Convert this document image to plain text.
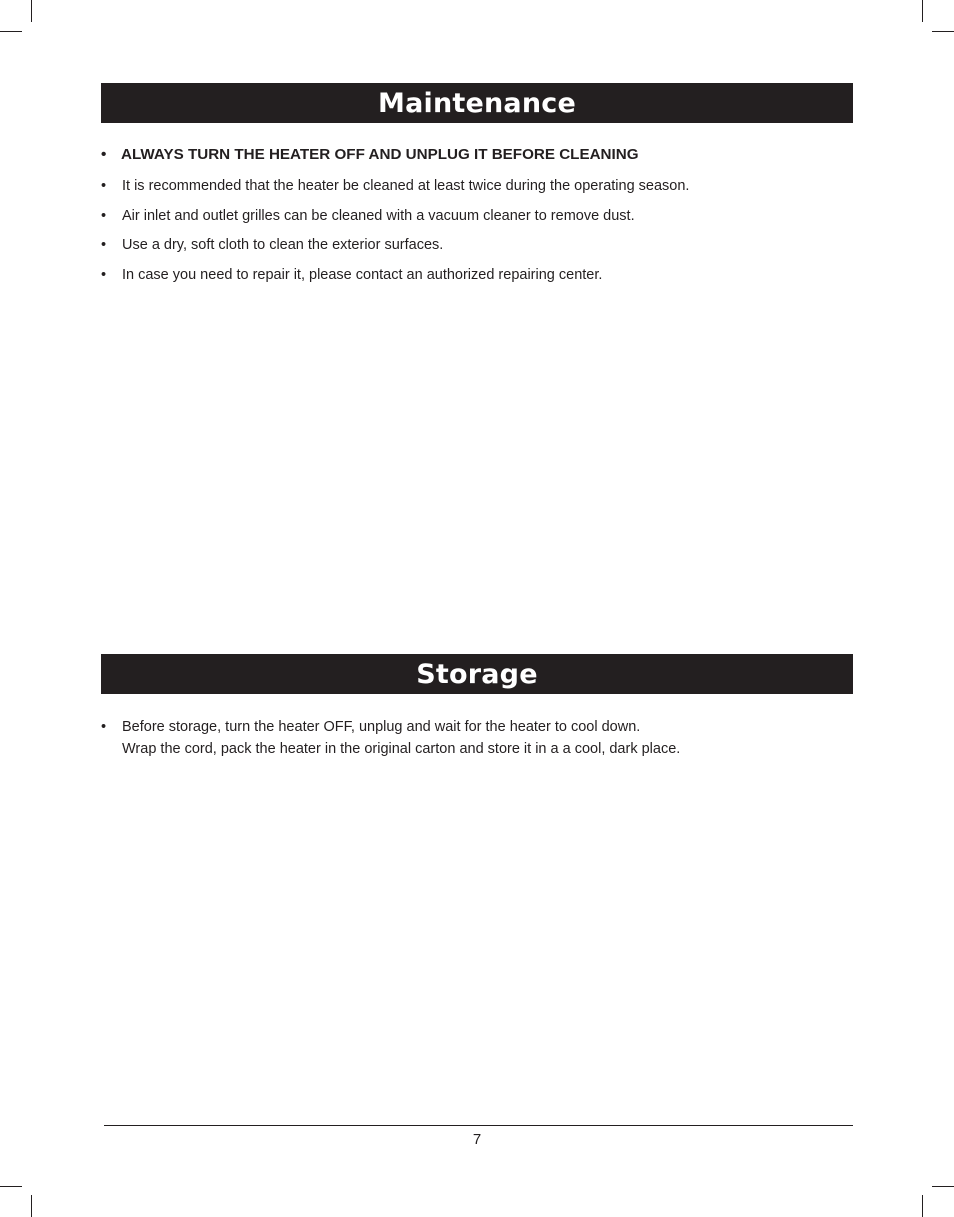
Maintenance
• ALWAYS TURN THE HEATER OFF AND UNPLUG IT BEFORE CLEANING
• It is recommended that the heater be cleaned at least twice during the operating season.
• Air inlet and outlet grilles can be cleaned with a vacuum cleaner to remove dust.
• Use a dry, soft cloth to clean the exterior surfaces.
• In case you need to repair it, please contact an authorized repairing center.
Storage
• Before storage, turn the heater OFF, unplug and wait for the heater to cool down.
Wrap the cord, pack the heater in the original carton and store it in a a cool, dark place.
7
